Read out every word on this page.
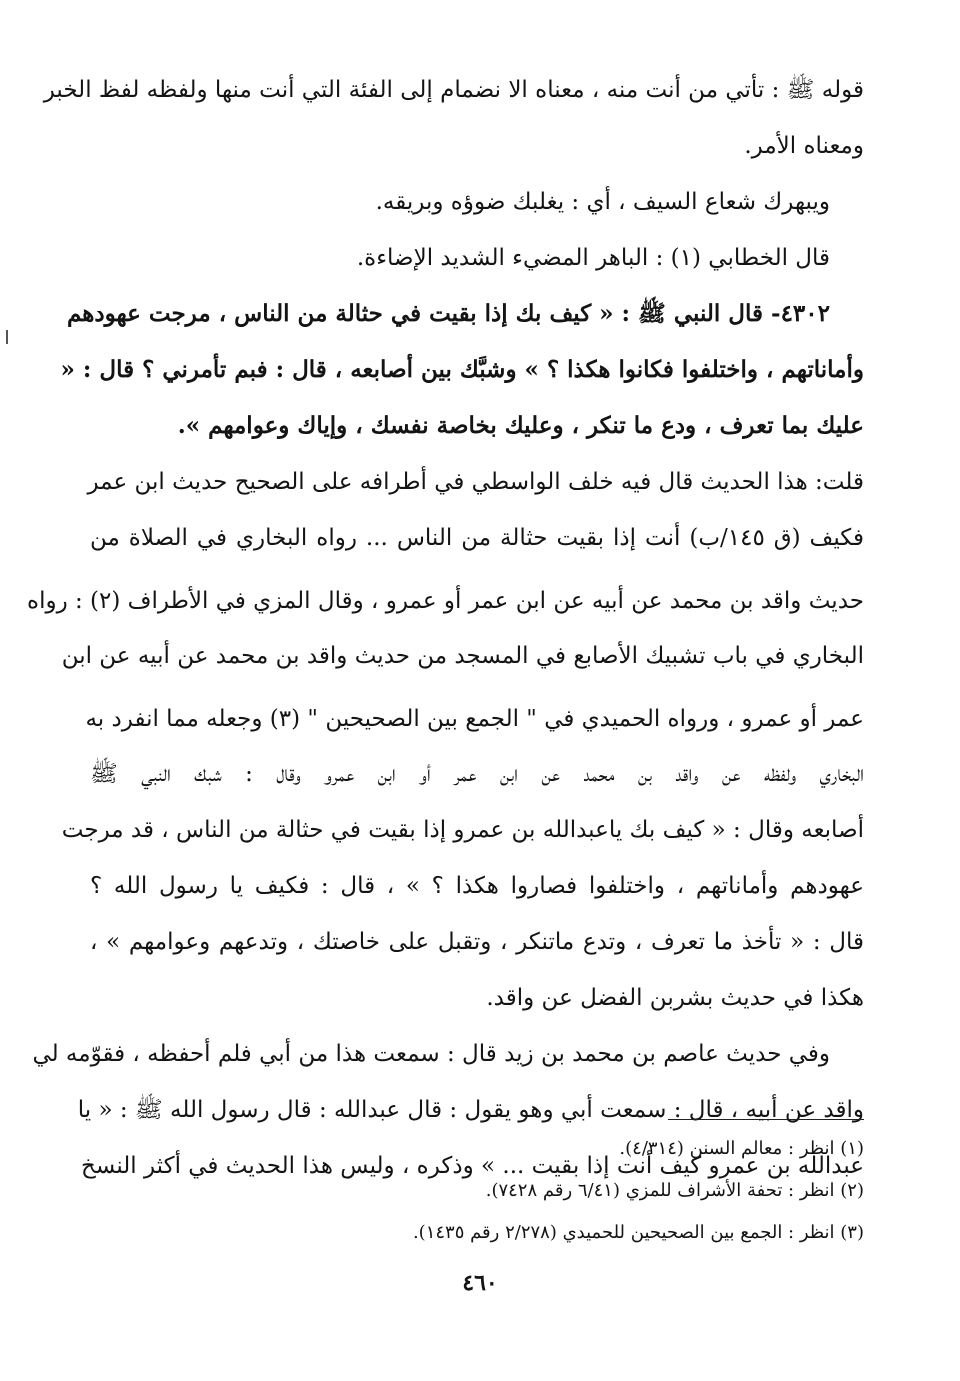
قوله ﷺ : تأتي من أنت منه ، معناه الا نضمام إلى الفئة التي أنت منها ولفظه لفظ الخبر
ومعناه الأمر.
ويبهرك شعاع السيف ، أي : يغلبك ضوؤه وبريقه.
قال الخطابي (١) : الباهر المضيء الشديد الإضاءة.
٤٣٠٢- قال النبي ﷺ : « كيف بك إذا بقيت في حثالة من الناس ، مرجت عهودهم
وأماناتهم ، واختلفوا فكانوا هكذا ؟ » وشبَّك بين أصابعه ، قال : فبم تأمرني ؟ قال : «
عليك بما تعرف ، ودع ما تنكر ، وعليك بخاصة نفسك ، وإياك وعوامهم ».
قلت: هذا الحديث قال فيه خلف الواسطي في أطرافه على الصحيح حديث ابن عمر
فكيف (ق ١٤٥/ب) أنت إذا بقيت حثالة من الناس ... رواه البخاري في الصلاة من
حديث واقد بن محمد عن أبيه عن ابن عمر أو عمرو ، وقال المزي في الأطراف (٢) : رواه
البخاري في باب تشبيك الأصابع في المسجد من حديث واقد بن محمد عن أبيه عن ابن
عمر أو عمرو ، ورواه الحميدي في " الجمع بين الصحيحين " (٣) وجعله مما انفرد به
البخاري ولفظه عن واقد بن محمد عن ابن عمر أو ابن عمرو وقال : شبك النبي ﷺ
أصابعه وقال : « كيف بك ياعبدالله بن عمرو إذا بقيت في حثالة من الناس ، قد مرجت
عهودهم وأماناتهم ، واختلفوا فصاروا هكذا ؟ » ، قال : فكيف يا رسول الله ؟
قال : « تأخذ ما تعرف ، وتدع ماتنكر ، وتقبل على خاصتك ، وتدعهم وعوامهم » ،
هكذا في حديث بشربن الفضل عن واقد.
وفي حديث عاصم بن محمد بن زيد قال : سمعت هذا من أبي فلم أحفظه ، فقوّمه لي
واقد عن أبيه ، قال : سمعت أبي وهو يقول : قال عبدالله : قال رسول الله ﷺ : « يا
عبدالله بن عمرو كيف أنت إذا بقيت ... » وذكره ، وليس هذا الحديث في أكثر النسخ
(١) انظر : معالم السنن (٤/٣١٤).
(٢) انظر : تحفة الأشراف للمزي (٦/٤١ رقم ٧٤٢٨).
(٣) انظر : الجمع بين الصحيحين للحميدي (٢/٢٧٨ رقم ١٤٣٥).
٤٦٠
